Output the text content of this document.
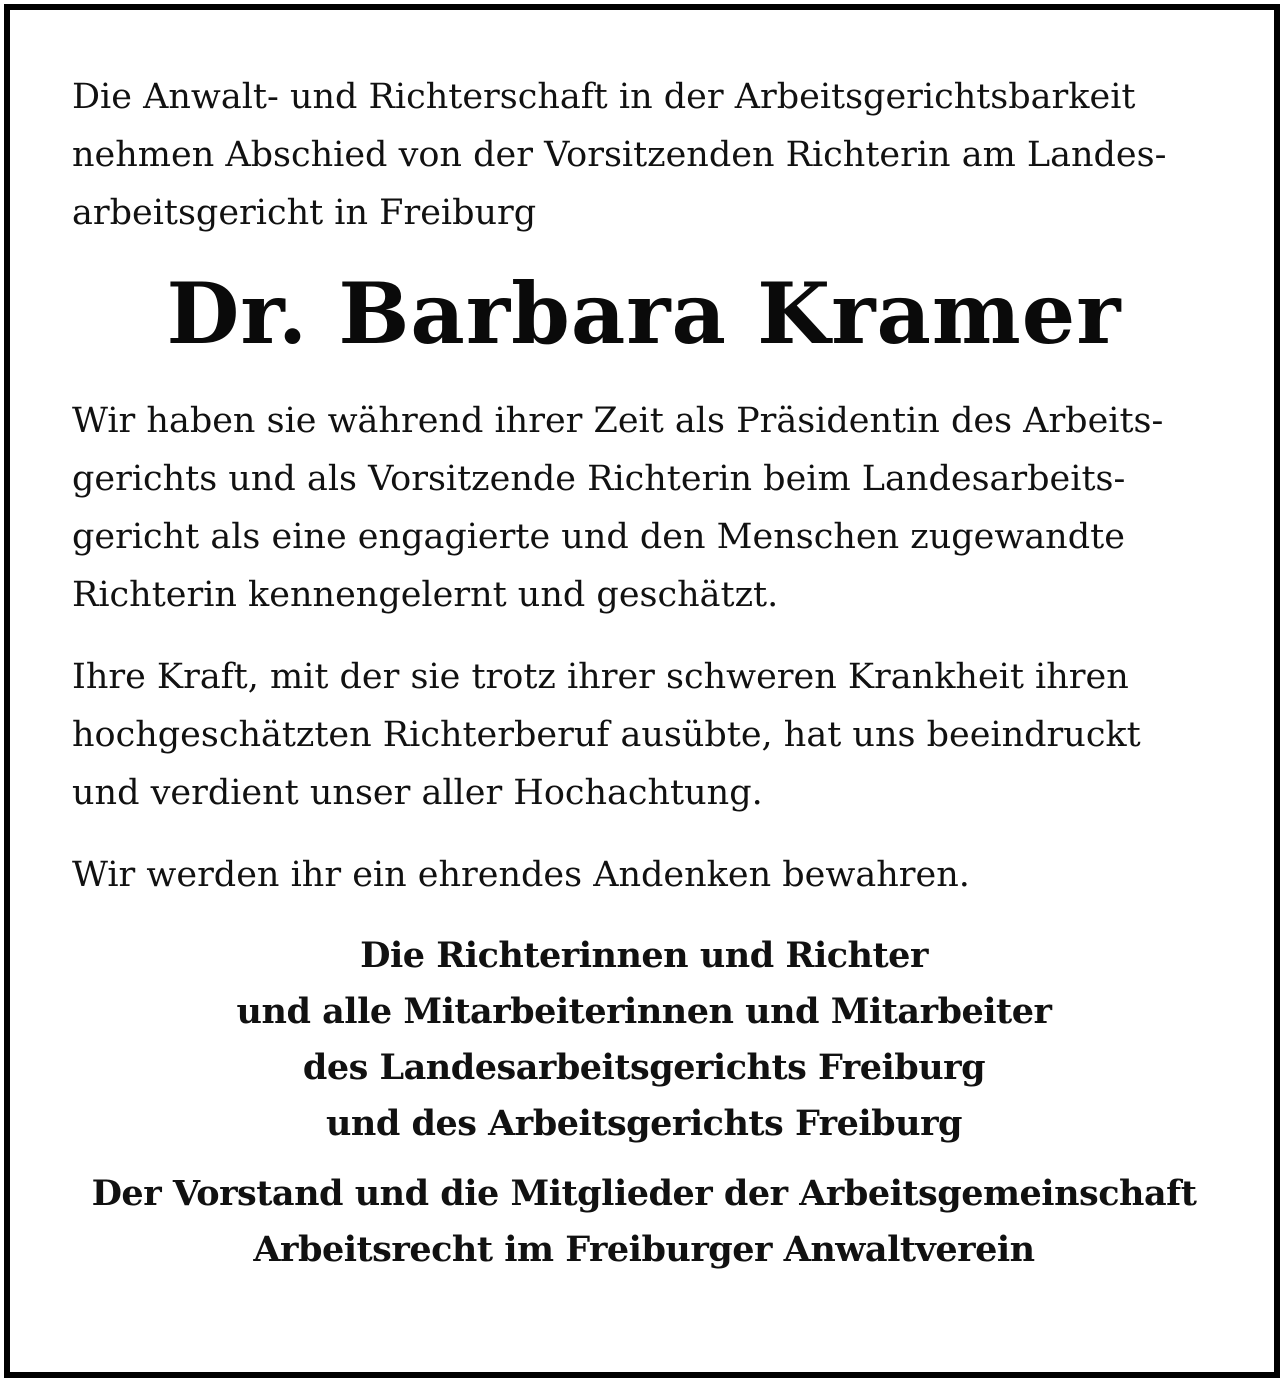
Die Anwalt- und Richterschaft in der Arbeitsgerichtsbarkeit
nehmen Abschied von der Vorsitzenden Richterin am Landes-
arbeitsgericht in Freiburg

Dr. Barbara Kramer

Wir haben sie während ihrer Zeit als Präsidentin des Arbeits-
gerichts und als Vorsitzende Richterin beim Landesarbeits-
gericht als eine engagierte und den Menschen zugewandte
Richterin kennengelernt und geschätzt.

Ihre Kraft, mit der sie trotz ihrer schweren Krankheit ihren
hochgeschätzten Richterberuf ausübte, hat uns beeindruckt
und verdient unser aller Hochachtung.

Wir werden ihr ein ehrendes Andenken bewahren.

Die Richterinnen und Richter
und alle Mitarbeiterinnen und Mitarbeiter
des Landesarbeitsgerichts Freiburg
und des Arbeitsgerichts Freiburg
Der Vorstand und die Mitglieder der Arbeitsgemeinschaft
Arbeitsrecht im Freiburger Anwaltverein
